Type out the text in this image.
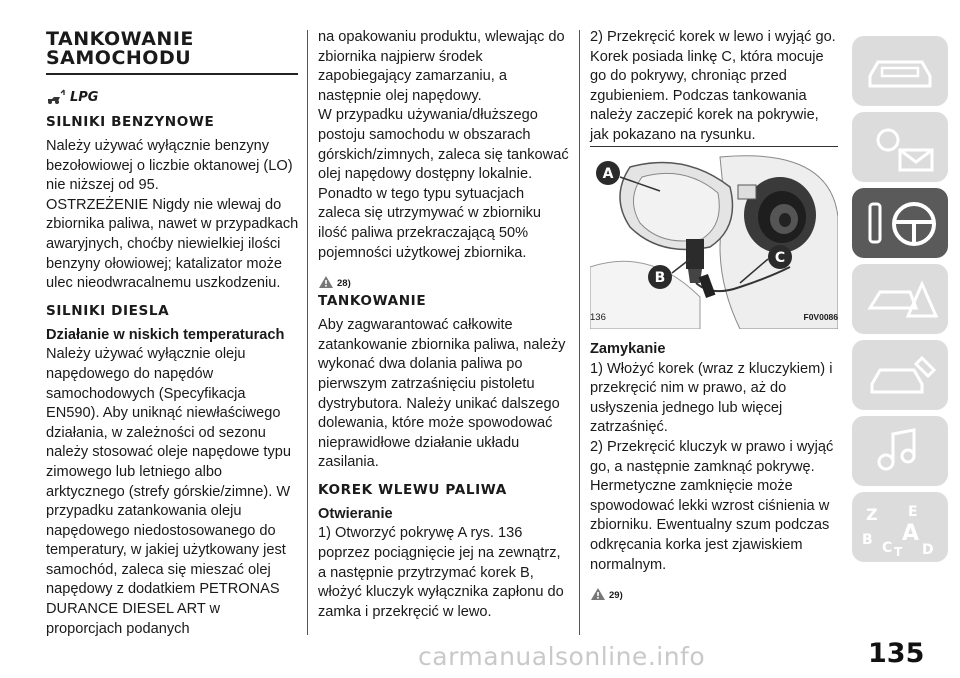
TANKOWANIE
SAMOCHODU
LPG
SILNIKI BENZYNOWE

Należy używać wyłącznie benzyny bezołowiowej o liczbie oktanowej (LO) nie niższej od 95.

OSTRZEŻENIE Nigdy nie wlewaj do zbiornika paliwa, nawet w przypadkach awaryjnych, choćby niewielkiej ilości benzyny ołowiowej; katalizator może ulec nieodwracalnemu uszkodzeniu.

SILNIKI DIESLA

Działanie w niskich temperaturach

Należy używać wyłącznie oleju napędowego do napędów samochodowych (Specyfikacja EN590). Aby uniknąć niewłaściwego działania, w zależności od sezonu należy stosować oleje napędowe typu zimowego lub letniego albo arktycznego (strefy górskie/zimne). W przypadku zatankowania oleju napędowego niedostosowanego do temperatury, w jakiej użytkowany jest samochód, zaleca się mieszać olej napędowy z dodatkiem PETRONAS DURANCE DIESEL ART w proporcjach podanych

na opakowaniu produktu, wlewając do zbiornika najpierw środek zapobiegający zamarzaniu, a następnie olej napędowy.

W przypadku używania/dłuższego postoju samochodu w obszarach górskich/zimnych, zaleca się tankować olej napędowy dostępny lokalnie.

Ponadto w tego typu sytuacjach zaleca się utrzymywać w zbiorniku ilość paliwa przekraczającą 50% pojemności użytkowej zbiornika.

28)
TANKOWANIE

Aby zagwarantować całkowite zatankowanie zbiornika paliwa, należy wykonać dwa dolania paliwa po pierwszym zatrzaśnięciu pistoletu dystrybutora. Należy unikać dalszego dolewania, które może spowodować nieprawidłowe działanie układu zasilania.

KOREK WLEWU PALIWA

Otwieranie

1) Otworzyć pokrywę A rys. 136 poprzez pociągnięcie jej na zewnątrz, a następnie przytrzymać korek B, włożyć kluczyk wyłącznika zapłonu do zamka i przekręcić w lewo.

2) Przekręcić korek w lewo i wyjąć go. Korek posiada linkę C, która mocuje go do pokrywy, chroniąc przed zgubieniem. Podczas tankowania należy zaczepić korek na pokrywie, jak pokazano na rysunku.

A
B
C
136	F0V0086

Zamykanie

1) Włożyć korek (wraz z kluczykiem) i przekręcić nim w prawo, aż do usłyszenia jednego lub więcej zatrzaśnięć.

2) Przekręcić kluczyk w prawo i wyjąć go, a następnie zamknąć pokrywę. Hermetyczne zamknięcie może spowodować lekki wzrost ciśnienia w zbiorniku. Ewentualny szum podczas odkręcania korka jest zjawiskiem normalnym.

29)
Z E
B A
C T D
carmanualsonline.info	135
